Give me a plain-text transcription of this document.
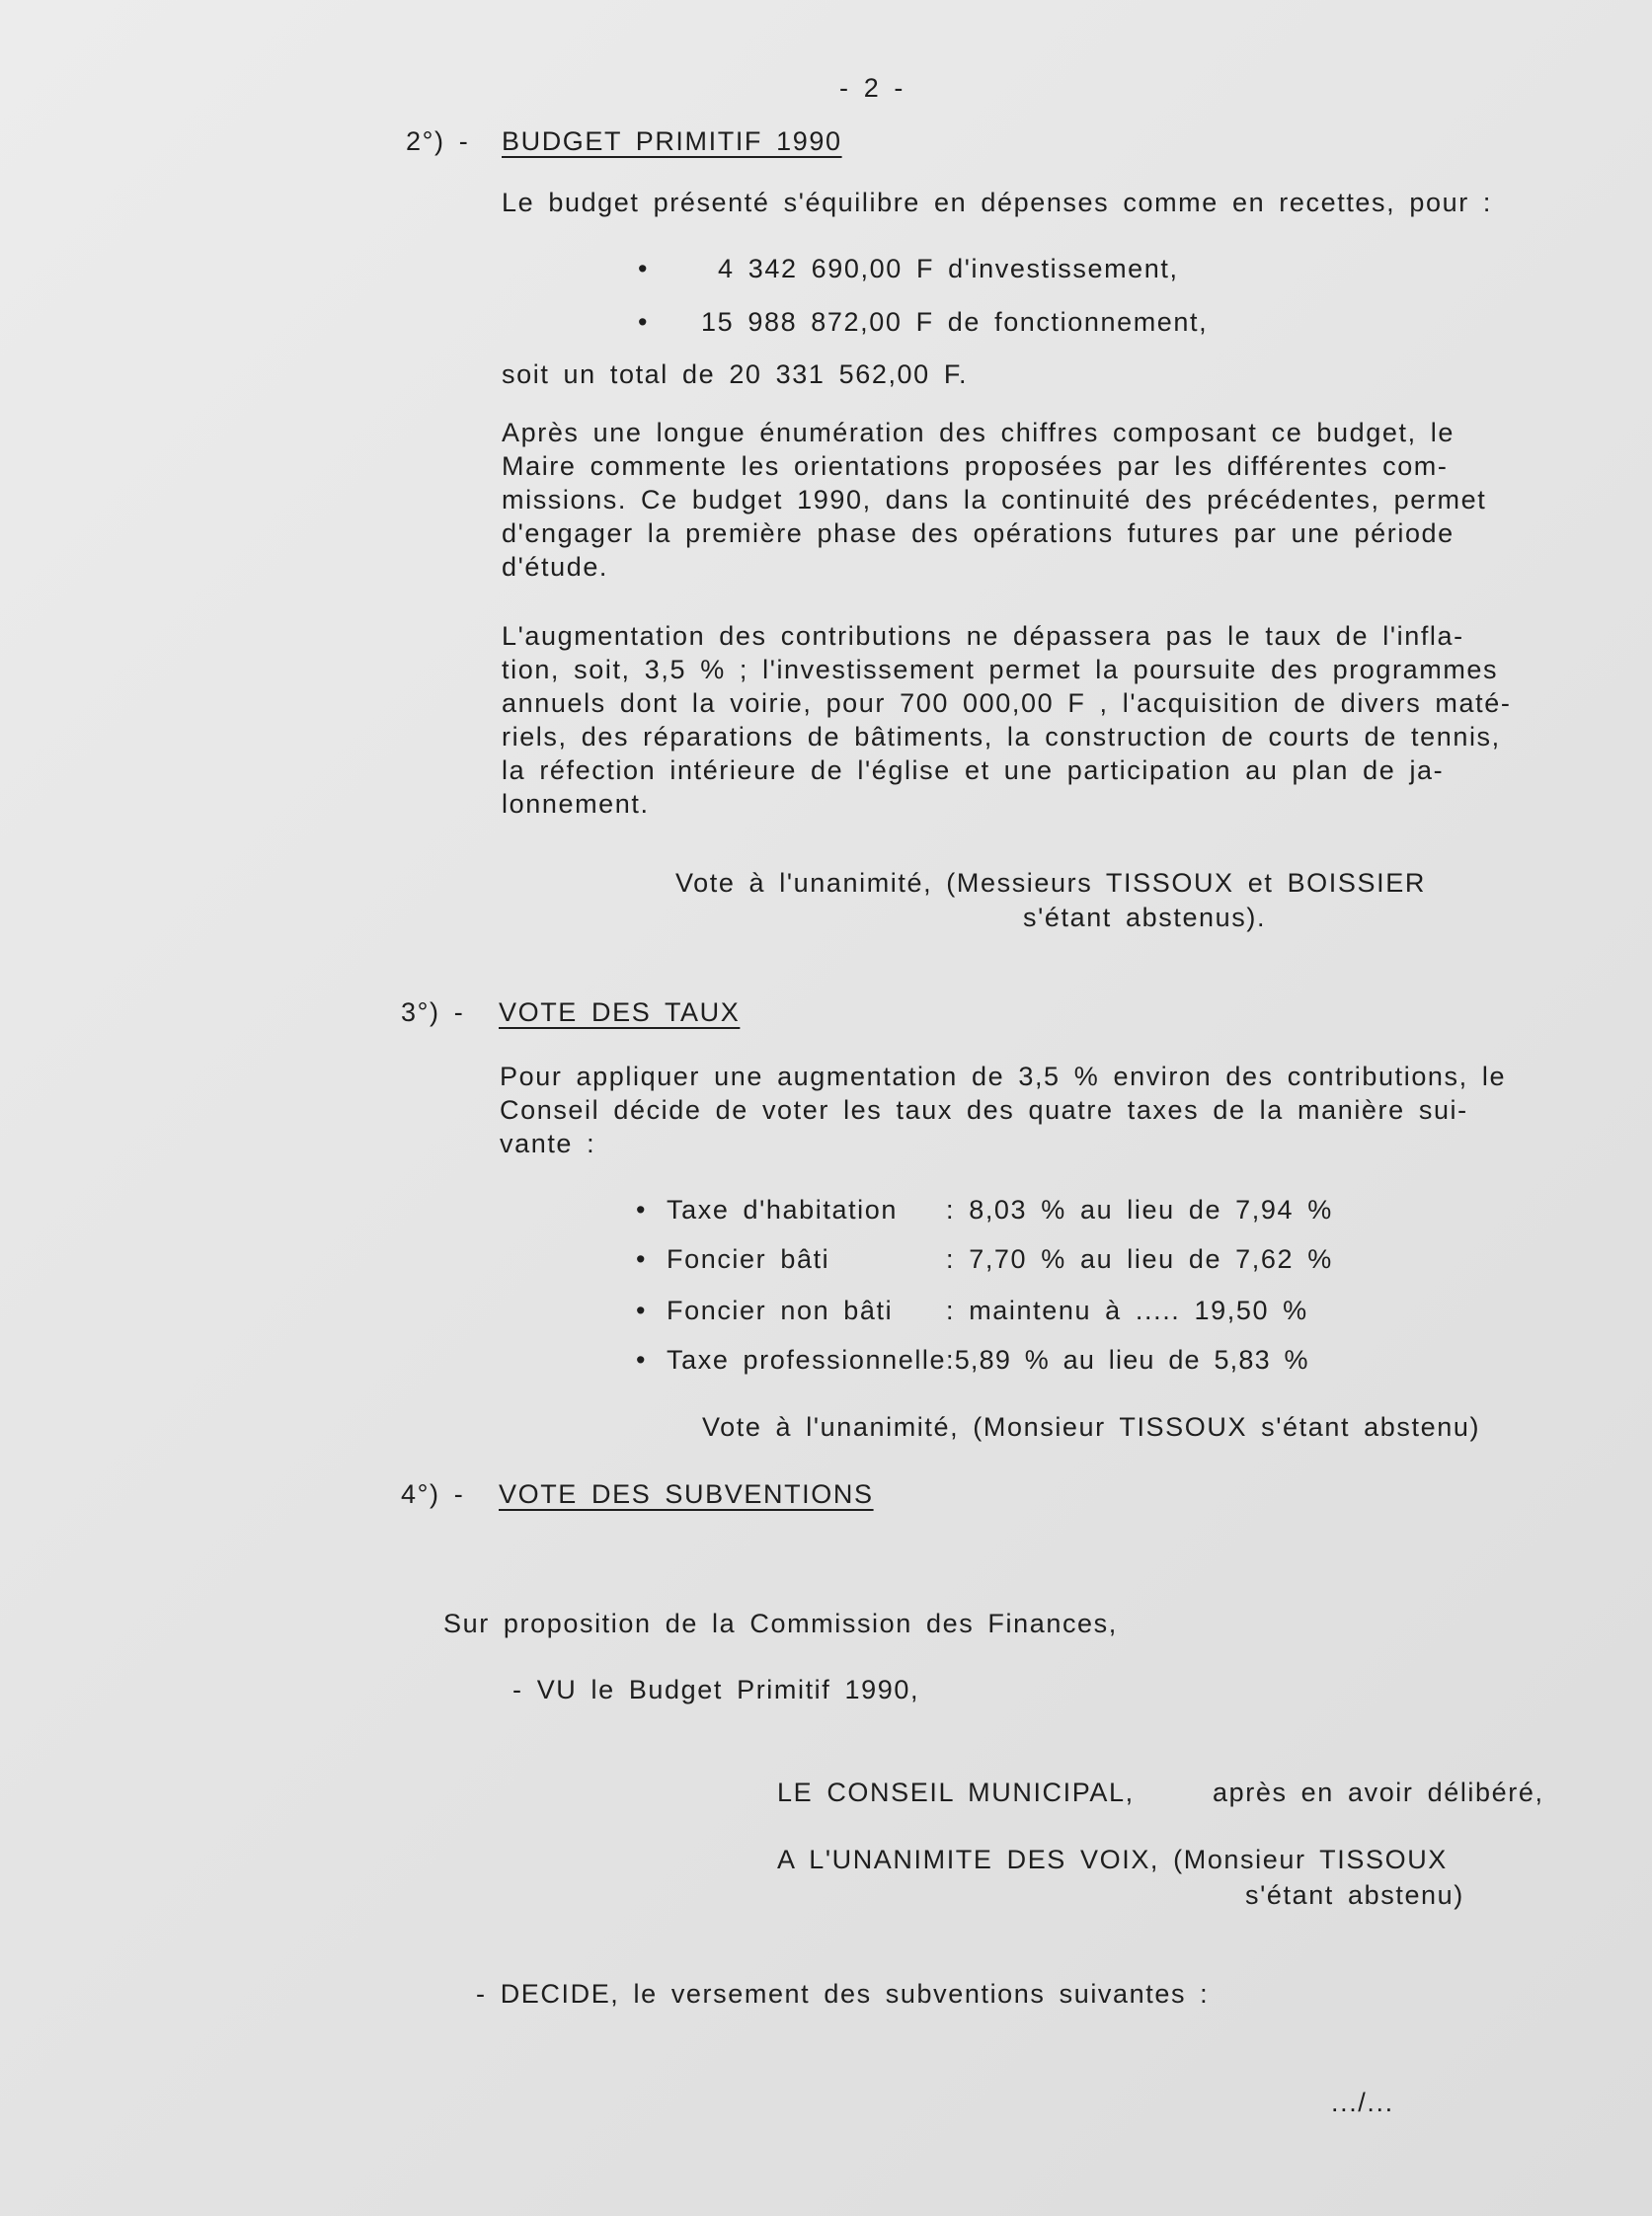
- 2 -
2°) - BUDGET PRIMITIF 1990
Le budget présenté s'équilibre en dépenses comme en recettes, pour :
•	4 342 690,00 F d'investissement,
• 15 988 872,00 F de fonctionnement,
soit un total de 20 331 562,00 F.
Après une longue énumération des chiffres composant ce budget, le
Maire commente les orientations proposées par les différentes com-
missions. Ce budget 1990, dans la continuité des précédentes, permet
d'engager la première phase des opérations futures par une période
d'étude.
L'augmentation des contributions ne dépassera pas le taux de l'infla-
tion, soit, 3,5 % ; l'investissement permet la poursuite des programmes
annuels dont la voirie, pour 700 000,00 F , l'acquisition de divers maté-
riels, des réparations de bâtiments, la construction de courts de tennis,
la réfection intérieure de l'église et une participation au plan de ja-
lonnement.
Vote à l'unanimité, (Messieurs TISSOUX et BOISSIER
s'étant abstenus).
3°) - VOTE DES TAUX
Pour appliquer une augmentation de 3,5 % environ des contributions, le
Conseil décide de voter les taux des quatre taxes de la manière sui-
vante :
• Taxe d'habitation : 8,03 % au lieu de 7,94 %
• Foncier bâti	: 7,70 % au lieu de 7,62 %
• Foncier non bâti : maintenu à ..... 19,50 %
• Taxe professionnelle :5,89 % au lieu de 5,83 %
Vote à l'unanimité, (Monsieur TISSOUX s'étant abstenu)
4°) - VOTE DES SUBVENTIONS
Sur proposition de la Commission des Finances,
- VU le Budget Primitif 1990,
LE CONSEIL MUNICIPAL,	après en avoir délibéré,
A L'UNANIMITE DES VOIX, (Monsieur TISSOUX
s'étant abstenu)
- DECIDE, le versement des subventions suivantes :
.../...
